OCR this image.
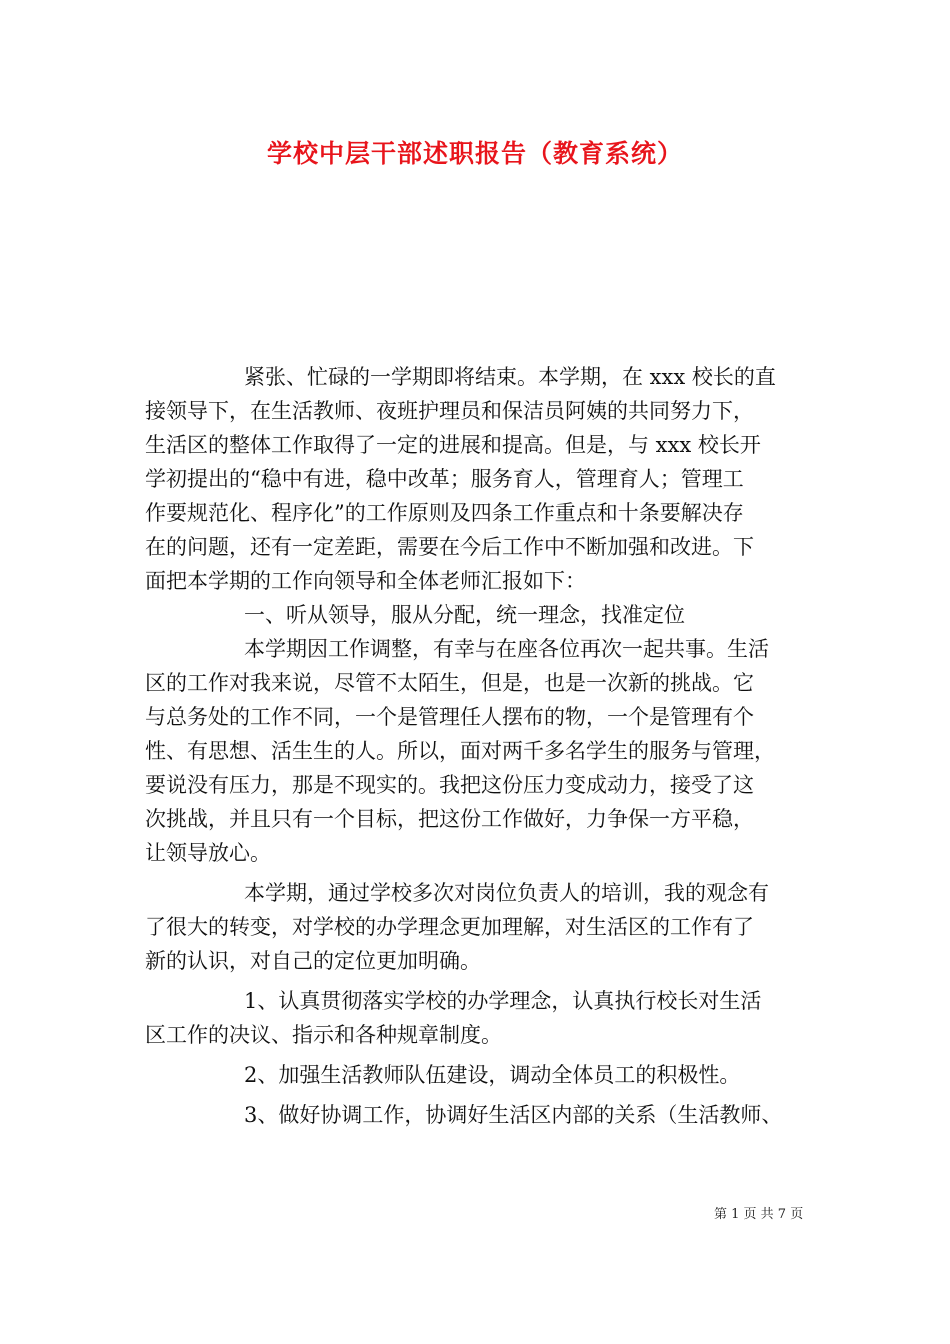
学校中层干部述职报告（教育系统）
紧张、忙碌的一学期即将结束。本学期，在 xxx 校长的直
接领导下，在生活教师、夜班护理员和保洁员阿姨的共同努力下，
生活区的整体工作取得了一定的进展和提高。但是，与 xxx 校长开
学初提出的“稳中有进，稳中改革；服务育人，管理育人；管理工
作要规范化、程序化”的工作原则及四条工作重点和十条要解决存
在的问题，还有一定差距，需要在今后工作中不断加强和改进。下
面把本学期的工作向领导和全体老师汇报如下：
一、听从领导，服从分配，统一理念，找准定位
本学期因工作调整，有幸与在座各位再次一起共事。生活
区的工作对我来说，尽管不太陌生，但是，也是一次新的挑战。它
与总务处的工作不同，一个是管理任人摆布的物，一个是管理有个
性、有思想、活生生的人。所以，面对两千多名学生的服务与管理，
要说没有压力，那是不现实的。我把这份压力变成动力，接受了这
次挑战，并且只有一个目标，把这份工作做好，力争保一方平稳，
让领导放心。
本学期，通过学校多次对岗位负责人的培训，我的观念有
了很大的转变，对学校的办学理念更加理解，对生活区的工作有了
新的认识，对自己的定位更加明确。
1、认真贯彻落实学校的办学理念，认真执行校长对生活
区工作的决议、指示和各种规章制度。
2、加强生活教师队伍建设，调动全体员工的积极性。
3、做好协调工作，协调好生活区内部的关系（生活教师、
第 1 页 共 7 页
